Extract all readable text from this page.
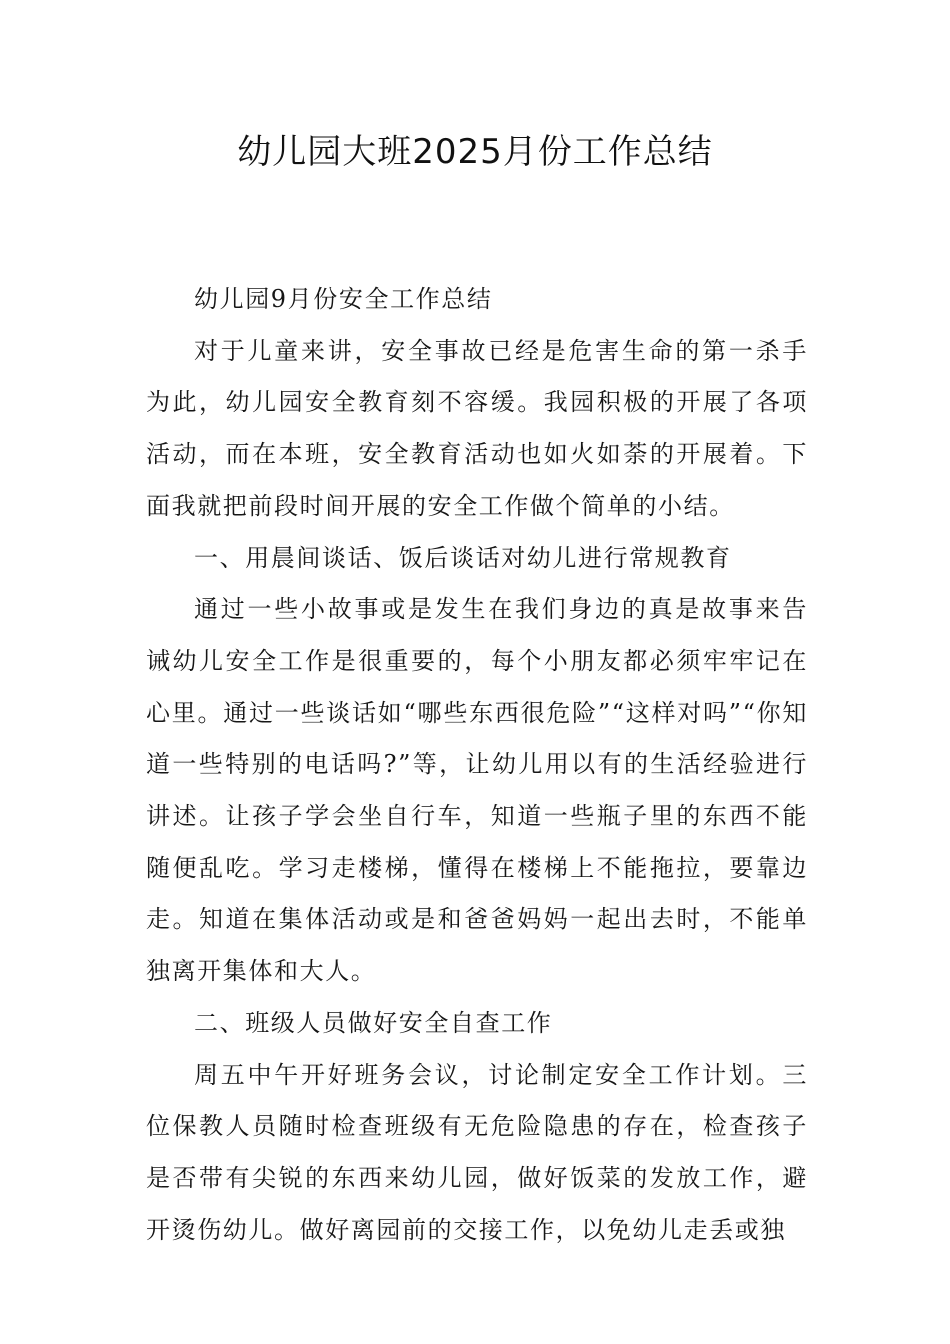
幼儿园大班2025月份工作总结

幼儿园9月份安全工作总结

对于儿童来讲，安全事故已经是危害生命的第一杀手为此，幼儿园安全教育刻不容缓。我园积极的开展了各项活动，而在本班，安全教育活动也如火如荼的开展着。下面我就把前段时间开展的安全工作做个简单的小结。

一、用晨间谈话、饭后谈话对幼儿进行常规教育

通过一些小故事或是发生在我们身边的真是故事来告诫幼儿安全工作是很重要的，每个小朋友都必须牢牢记在心里。通过一些谈话如“哪些东西很危险”“这样对吗”“你知道一些特别的电话吗?”等，让幼儿用以有的生活经验进行讲述。让孩子学会坐自行车，知道一些瓶子里的东西不能随便乱吃。学习走楼梯，懂得在楼梯上不能拖拉，要靠边走。知道在集体活动或是和爸爸妈妈一起出去时，不能单独离开集体和大人。

二、班级人员做好安全自查工作

周五中午开好班务会议，讨论制定安全工作计划。三位保教人员随时检查班级有无危险隐患的存在，检查孩子是否带有尖锐的东西来幼儿园，做好饭菜的发放工作，避开烫伤幼儿。做好离园前的交接工作，以免幼儿走丢或独
